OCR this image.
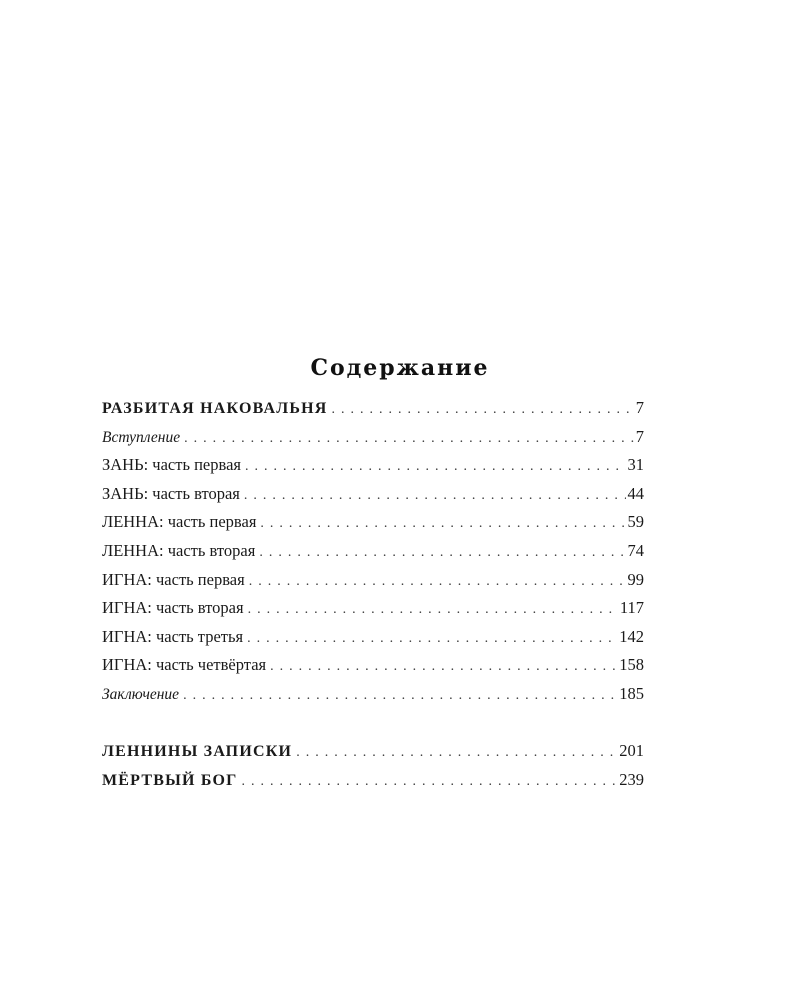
Содержание
РАЗБИТАЯ НАКОВАЛЬНЯ . . .	7
Вступление . . .	7
ЗАНЬ: часть первая . . .	31
ЗАНЬ: часть вторая . . .	44
ЛЕННА: часть первая . . .	59
ЛЕННА: часть вторая . . .	74
ИГНА: часть первая . . .	99
ИГНА: часть вторая . . .	117
ИГНА: часть третья . . .	142
ИГНА: часть четвёртая . . .	158
Заключение . . .	185
ЛЕННИНЫ ЗАПИСКИ . . .	201
МЁРТВЫЙ БОГ . . .	239
